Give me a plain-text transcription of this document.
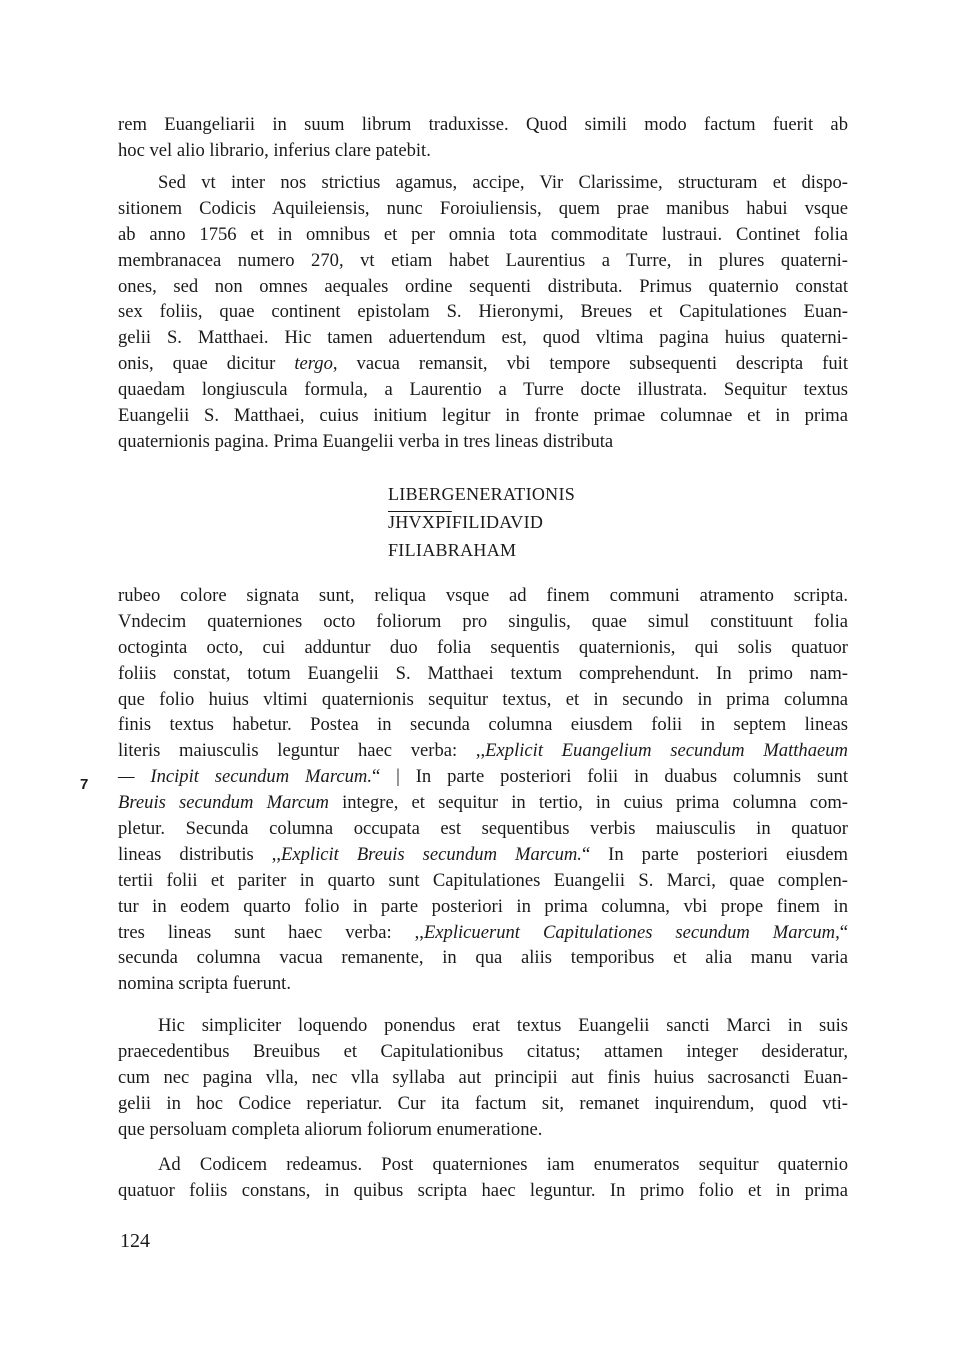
rem Euangeliarii in suum librum traduxisse. Quod simili modo factum fuerit ab
hoc vel alio librario, inferius clare patebit.
Sed vt inter nos strictius agamus, accipe, Vir Clarissime, structuram et dispo-
sitionem Codicis Aquileiensis, nunc Foroiuliensis, quem prae manibus habui vsque
ab anno 1756 et in omnibus et per omnia tota commoditate lustraui. Continet folia
membranacea numero 270, vt etiam habet Laurentius a Turre, in plures quaterni-
ones, sed non omnes aequales ordine sequenti distributa. Primus quaternio constat
sex foliis, quae continent epistolam S. Hieronymi, Breues et Capitulationes Euan-
gelii S. Matthaei. Hic tamen aduertendum est, quod vltima pagina huius quaterni-
onis, quae dicitur tergo, vacua remansit, vbi tempore subsequenti descripta fuit
quaedam longiuscula formula, a Laurentio a Turre docte illustrata. Sequitur textus
Euangelii S. Matthaei, cuius initium legitur in fronte primae columnae et in prima
quaternionis pagina. Prima Euangelii verba in tres lineas distributa
LIBERGENERATIONIS
$\overline{JHV}\overline{XPI}FILIDAVID$
FILIABRAHAM
rubeo colore signata sunt, reliqua vsque ad finem communi atramento scripta.
Vndecim quaterniones octo foliorum pro singulis, quae simul constituunt folia
octoginta octo, cui adduntur duo folia sequentis quaternionis, qui solis quatuor
foliis constat, totum Euangelii S. Matthaei textum comprehendunt. In primo nam-
que folio huius vltimi quaternionis sequitur textus, et in secundo in prima columna
finis textus habetur. Postea in secunda columna eiusdem folii in septem lineas
literis maiusculis leguntur haec verba: ,,Explicit Euangelium secundum Matthaeum
— Incipit secundum Marcum.“ | In parte posteriori folii in duabus columnis sunt
Breuis secundum Marcum integre, et sequitur in tertio, in cuius prima columna com-
pletur. Secunda columna occupata est sequentibus verbis maiusculis in quatuor
lineas distributis ,,Explicit Breuis secundum Marcum.“ In parte posteriori eiusdem
tertii folii et pariter in quarto sunt Capitulationes Euangelii S. Marci, quae complen-
tur in eodem quarto folio in parte posteriori in prima columna, vbi prope finem in
tres lineas sunt haec verba: ,,Explicuerunt Capitulationes secundum Marcum,“
secunda columna vacua remanente, in qua aliis temporibus et alia manu varia
nomina scripta fuerunt.
7
Hic simpliciter loquendo ponendus erat textus Euangelii sancti Marci in suis
praecedentibus Breuibus et Capitulationibus citatus; attamen integer desideratur,
cum nec pagina vlla, nec vlla syllaba aut principii aut finis huius sacrosancti Euan-
gelii in hoc Codice reperiatur. Cur ita factum sit, remanet inquirendum, quod vti-
que persoluam completa aliorum foliorum enumeratione.
Ad Codicem redeamus. Post quaterniones iam enumeratos sequitur quaternio
quatuor foliis constans, in quibus scripta haec leguntur. In primo folio et in prima
124
